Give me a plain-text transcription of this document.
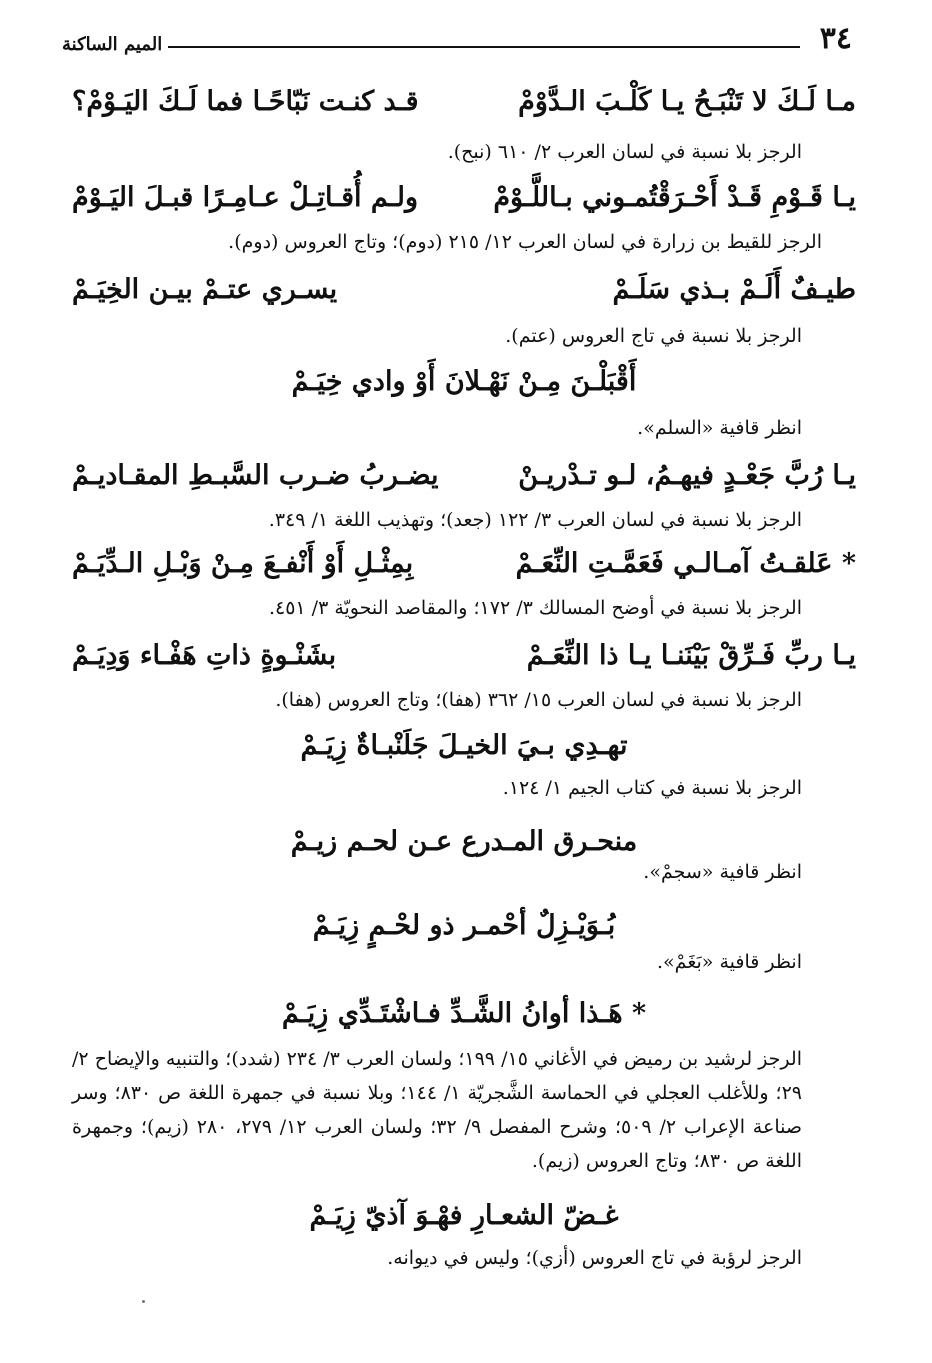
٣٤
الميم الساكنة
مـا لَـكَ لا تَنْبَـحُ يـا كَلْـبَ الـدَّوْمْ
قـد كنـت نَبّاحًـا فما لَـكَ اليَـوْمْ؟
الرجز بلا نسبة في لسان العرب ٢/ ٦١٠ (نبح).
يـا قَـوْمِ قَـدْ أَحْـرَقْتُمـوني بـاللَّـوْمْ
ولـم أُقـاتِـلْ عـامِـرًا قبـلَ اليَـوْمْ
الرجز للقيط بن زرارة في لسان العرب ١٢/ ٢١٥ (دوم)؛ وتاج العروس (دوم).
طيـفٌ أَلَـمْ بـذي سَلَـمْ
يسـري عتـمْ بيـن الخِيَـمْ
الرجز بلا نسبة في تاج العروس (عتم).
أَقْبَلْـنَ مِـنْ نَهْـلانَ أَوْ وادي خِيَـمْ
انظر قافية «السلم».
يـا رُبَّ جَعْـدٍ فيهـمُ، لـو تـدْريـنْ
يضـربُ ضـرب السَّبـطِ المقـاديـمْ
الرجز بلا نسبة في لسان العرب ٣/ ١٢٢ (جعد)؛ وتهذيب اللغة ١/ ٣٤٩.
* عَلقـتُ آمـالـي فَعَمَّـتِ النِّعَـمْ
بِمِثْـلِ أَوْ أَنْفـعَ مِـنْ وَبْـلِ الـدِّيَـمْ
الرجز بلا نسبة في أوضح المسالك ٣/ ١٧٢؛ والمقاصد النحويّة ٣/ ٤٥١.
يـا ربِّ فَـرِّقْ بَيْنَنـا يـا ذا النِّعَـمْ
بشَنْـوةٍ ذاتِ هَفْـاء وَدِيَـمْ
الرجز بلا نسبة في لسان العرب ١٥/ ٣٦٢ (هفا)؛ وتاج العروس (هفا).
تهـدِي بـيَ الخيـلَ جَلَنْبـاةٌ زِيَـمْ
الرجز بلا نسبة في كتاب الجيم ١/ ١٢٤.
منحـرق المـدرع عـن لحـم زيـمْ
انظر قافية «سجمْ».
بُـوَيْـزِلٌ أحْمـر ذو لحْـمٍ زِيَـمْ
انظر قافية «بَغَمْ».
* هَـذا أوانُ الشَّـدِّ فـاشْتَـدِّي زِيَـمْ
الرجز لرشيد بن رميض في الأغاني ١٥/ ١٩٩؛ ولسان العرب ٣/ ٢٣٤ (شدد)؛ والتنبيه والإيضاح ٢/ ٢٩؛ وللأغلب العجلي في الحماسة الشَّجريّة ١/ ١٤٤؛ وبلا نسبة في جمهرة اللغة ص ٨٣٠؛ وسر صناعة الإعراب ٢/ ٥٠٩؛ وشرح المفصل ٩/ ٣٢؛ ولسان العرب ١٢/ ٢٧٩، ٢٨٠ (زيم)؛ وجمهرة اللغة ص ٨٣٠؛ وتاج العروس (زيم).
غـضّ الشعـارِ فهْـوَ آذيّ زِيَـمْ
الرجز لرؤبة في تاج العروس (أزي)؛ وليس في ديوانه.
